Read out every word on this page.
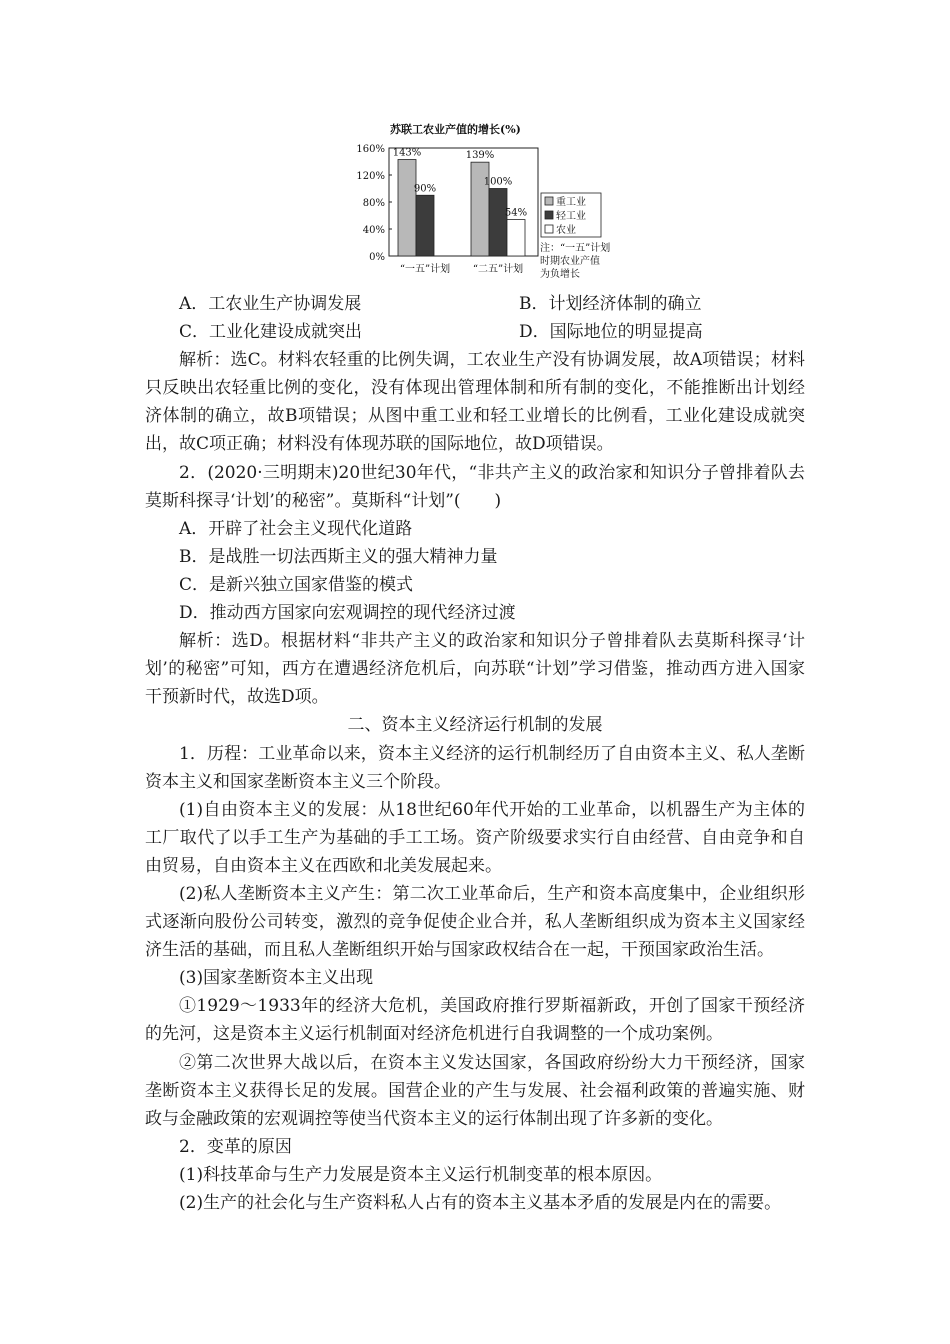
苏联工农业产值的增长(%)
160%
120%
80%
40%
0%
143%
90%
“一五”计划
139%
100%
54%
“二五”计划
重工业
轻工业
农业
注：“一五”计划
时期农业产值
为负增长
A．工农业生产协调发展	B．计划经济体制的确立
C．工业化建设成就突出	D．国际地位的明显提高

解析：选C。材料农轻重的比例失调，工农业生产没有协调发展，故A项错误；材料只反映出农轻重比例的变化，没有体现出管理体制和所有制的变化，不能推断出计划经济体制的确立，故B项错误；从图中重工业和轻工业增长的比例看，工业化建设成就突出，故C项正确；材料没有体现苏联的国际地位，故D项错误。

2．(2020·三明期末)20世纪30年代，“非共产主义的政治家和知识分子曾排着队去莫斯科探寻‘计划’的秘密”。莫斯科“计划”(　　)

A．开辟了社会主义现代化道路

B．是战胜一切法西斯主义的强大精神力量

C．是新兴独立国家借鉴的模式

D．推动西方国家向宏观调控的现代经济过渡

解析：选D。根据材料“非共产主义的政治家和知识分子曾排着队去莫斯科探寻‘计划’的秘密”可知，西方在遭遇经济危机后，向苏联“计划”学习借鉴，推动西方进入国家干预新时代，故选D项。

二、资本主义经济运行机制的发展

1．历程：工业革命以来，资本主义经济的运行机制经历了自由资本主义、私人垄断资本主义和国家垄断资本主义三个阶段。

(1)自由资本主义的发展：从18世纪60年代开始的工业革命，以机器生产为主体的工厂取代了以手工生产为基础的手工工场。资产阶级要求实行自由经营、自由竞争和自由贸易，自由资本主义在西欧和北美发展起来。

(2)私人垄断资本主义产生：第二次工业革命后，生产和资本高度集中，企业组织形式逐渐向股份公司转变，激烈的竞争促使企业合并，私人垄断组织成为资本主义国家经济生活的基础，而且私人垄断组织开始与国家政权结合在一起，干预国家政治生活。

(3)国家垄断资本主义出现

①1929～1933年的经济大危机，美国政府推行罗斯福新政，开创了国家干预经济的先河，这是资本主义运行机制面对经济危机进行自我调整的一个成功案例。

②第二次世界大战以后，在资本主义发达国家，各国政府纷纷大力干预经济，国家垄断资本主义获得长足的发展。国营企业的产生与发展、社会福利政策的普遍实施、财政与金融政策的宏观调控等使当代资本主义的运行体制出现了许多新的变化。

2．变革的原因

(1)科技革命与生产力发展是资本主义运行机制变革的根本原因。

(2)生产的社会化与生产资料私人占有的资本主义基本矛盾的发展是内在的需要。
